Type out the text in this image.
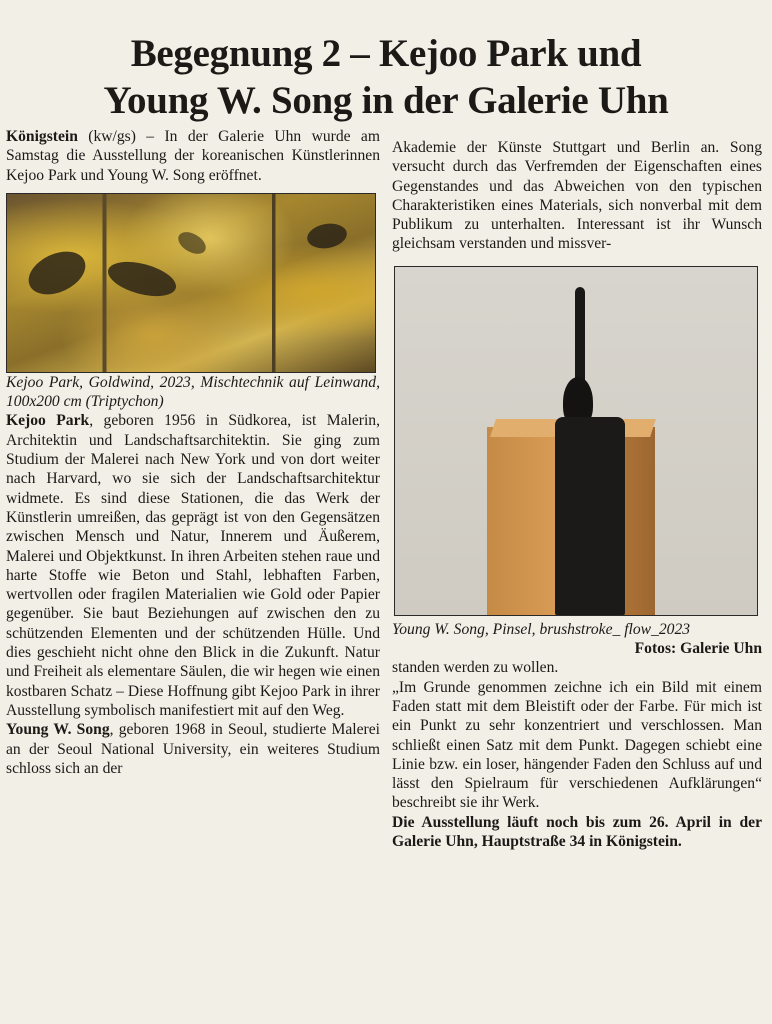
Begegnung 2 – Kejoo Park und
Young W. Song in der Galerie Uhn

Königstein (kw/gs) – In der Galerie Uhn wurde am Samstag die Ausstellung der koreanischen Künstlerinnen Kejoo Park und Young W. Song eröffnet.

Kejoo Park, Goldwind, 2023, Mischtechnik auf Leinwand, 100x200 cm (Triptychon)

Kejoo Park, geboren 1956 in Südkorea, ist Malerin, Architektin und Landschaftsarchitektin. Sie ging zum Studium der Malerei nach New York und von dort weiter nach Harvard, wo sie sich der Landschaftsarchitektur widmete. Es sind diese Stationen, die das Werk der Künstlerin umreißen, das geprägt ist von den Gegensätzen zwischen Mensch und Natur, Innerem und Äußerem, Malerei und Objektkunst. In ihren Arbeiten stehen raue und harte Stoffe wie Beton und Stahl, lebhaften Farben, wertvollen oder fragilen Materialien wie Gold oder Papier gegenüber. Sie baut Beziehungen auf zwischen den zu schützenden Elementen und der schützenden Hülle. Und dies geschieht nicht ohne den Blick in die Zukunft. Natur und Freiheit als elementare Säulen, die wir hegen wie einen kostbaren Schatz – Diese Hoffnung gibt Kejoo Park in ihrer Ausstellung symbolisch manifestiert mit auf den Weg.

Young W. Song, geboren 1968 in Seoul, studierte Malerei an der Seoul National University, ein weiteres Studium schloss sich an der

Akademie der Künste Stuttgart und Berlin an. Song versucht durch das Verfremden der Eigenschaften eines Gegenstandes und das Abweichen von den typischen Charakteristiken eines Materials, sich nonverbal mit dem Publikum zu unterhalten. Interessant ist ihr Wunsch gleichsam verstanden und missver-

Young W. Song, Pinsel, brushstroke_ flow_2023

Fotos: Galerie Uhn

standen werden zu wollen.

„Im Grunde genommen zeichne ich ein Bild mit einem Faden statt mit dem Bleistift oder der Farbe. Für mich ist ein Punkt zu sehr konzentriert und verschlossen. Man schließt einen Satz mit dem Punkt. Dagegen schiebt eine Linie bzw. ein loser, hängender Faden den Schluss auf und lässt den Spielraum für verschiedenen Aufklärungen“ beschreibt sie ihr Werk.

Die Ausstellung läuft noch bis zum 26. April in der Galerie Uhn, Hauptstraße 34 in Königstein.
